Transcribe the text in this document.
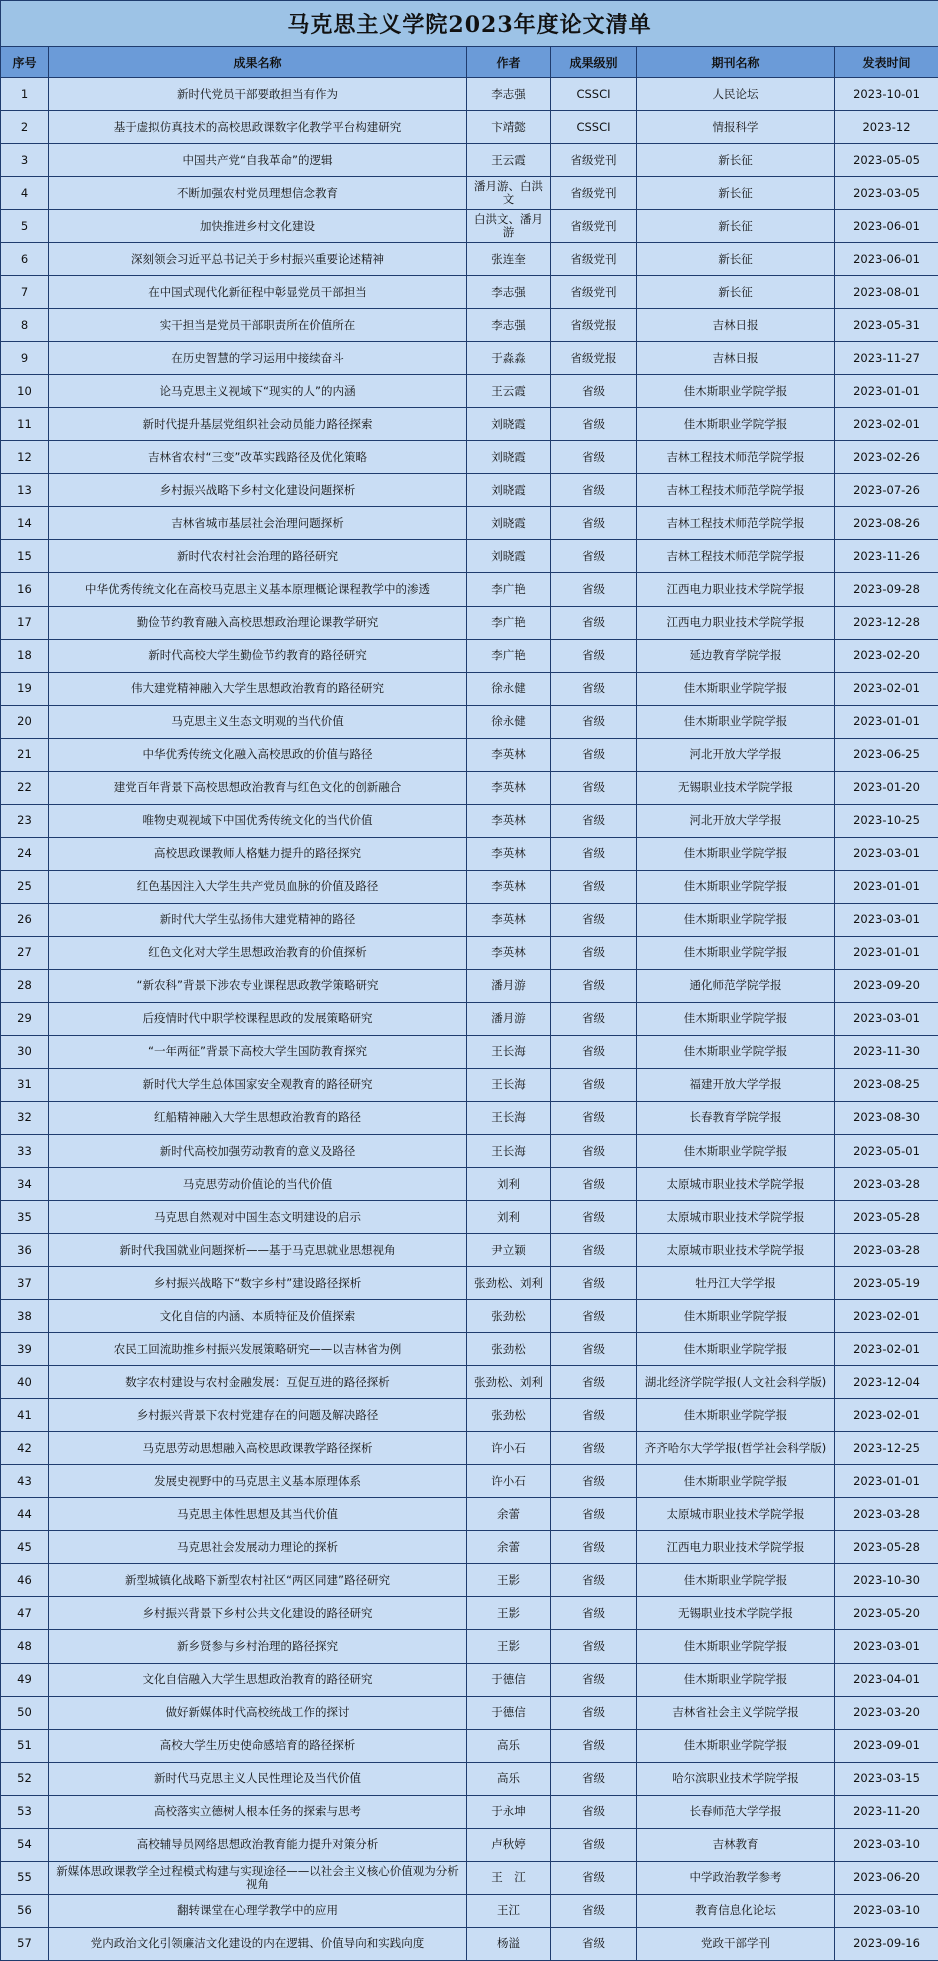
马克思主义学院2023年度论文清单					
序号	成果名称	作者	成果级别	期刊名称	发表时间
1	新时代党员干部要敢担当有作为	李志强	CSSCI	人民论坛	2023-10-01
2	基于虚拟仿真技术的高校思政课数字化教学平台构建研究	卞靖懿	CSSCI	情报科学	2023-12
3	中国共产党“自我革命”的逻辑	王云霞	省级党刊	新长征	2023-05-05
4	不断加强农村党员理想信念教育	潘月游、白洪文	省级党刊	新长征	2023-03-05
5	加快推进乡村文化建设	白洪文、潘月游	省级党刊	新长征	2023-06-01
6	深刻领会习近平总书记关于乡村振兴重要论述精神	张连奎	省级党刊	新长征	2023-06-01
7	在中国式现代化新征程中彰显党员干部担当	李志强	省级党刊	新长征	2023-08-01
8	实干担当是党员干部职责所在价值所在	李志强	省级党报	吉林日报	2023-05-31
9	在历史智慧的学习运用中接续奋斗	于淼淼	省级党报	吉林日报	2023-11-27
10	论马克思主义视域下“现实的人”的内涵	王云霞	省级	佳木斯职业学院学报	2023-01-01
11	新时代提升基层党组织社会动员能力路径探索	刘晓霞	省级	佳木斯职业学院学报	2023-02-01
12	吉林省农村“三变”改革实践路径及优化策略	刘晓霞	省级	吉林工程技术师范学院学报	2023-02-26
13	乡村振兴战略下乡村文化建设问题探析	刘晓霞	省级	吉林工程技术师范学院学报	2023-07-26
14	吉林省城市基层社会治理问题探析	刘晓霞	省级	吉林工程技术师范学院学报	2023-08-26
15	新时代农村社会治理的路径研究	刘晓霞	省级	吉林工程技术师范学院学报	2023-11-26
16	中华优秀传统文化在高校马克思主义基本原理概论课程教学中的渗透	李广艳	省级	江西电力职业技术学院学报	2023-09-28
17	勤俭节约教育融入高校思想政治理论课教学研究	李广艳	省级	江西电力职业技术学院学报	2023-12-28
18	新时代高校大学生勤俭节约教育的路径研究	李广艳	省级	延边教育学院学报	2023-02-20
19	伟大建党精神融入大学生思想政治教育的路径研究	徐永健	省级	佳木斯职业学院学报	2023-02-01
20	马克思主义生态文明观的当代价值	徐永健	省级	佳木斯职业学院学报	2023-01-01
21	中华优秀传统文化融入高校思政的价值与路径	李英林	省级	河北开放大学学报	2023-06-25
22	建党百年背景下高校思想政治教育与红色文化的创新融合	李英林	省级	无锡职业技术学院学报	2023-01-20
23	唯物史观视域下中国优秀传统文化的当代价值	李英林	省级	河北开放大学学报	2023-10-25
24	高校思政课教师人格魅力提升的路径探究	李英林	省级	佳木斯职业学院学报	2023-03-01
25	红色基因注入大学生共产党员血脉的价值及路径	李英林	省级	佳木斯职业学院学报	2023-01-01
26	新时代大学生弘扬伟大建党精神的路径	李英林	省级	佳木斯职业学院学报	2023-03-01
27	红色文化对大学生思想政治教育的价值探析	李英林	省级	佳木斯职业学院学报	2023-01-01
28	“新农科”背景下涉农专业课程思政教学策略研究	潘月游	省级	通化师范学院学报	2023-09-20
29	后疫情时代中职学校课程思政的发展策略研究	潘月游	省级	佳木斯职业学院学报	2023-03-01
30	“一年两征”背景下高校大学生国防教育探究	王长海	省级	佳木斯职业学院学报	2023-11-30
31	新时代大学生总体国家安全观教育的路径研究	王长海	省级	福建开放大学学报	2023-08-25
32	红船精神融入大学生思想政治教育的路径	王长海	省级	长春教育学院学报	2023-08-30
33	新时代高校加强劳动教育的意义及路径	王长海	省级	佳木斯职业学院学报	2023-05-01
34	马克思劳动价值论的当代价值	刘利	省级	太原城市职业技术学院学报	2023-03-28
35	马克思自然观对中国生态文明建设的启示	刘利	省级	太原城市职业技术学院学报	2023-05-28
36	新时代我国就业问题探析——基于马克思就业思想视角	尹立颖	省级	太原城市职业技术学院学报	2023-03-28
37	乡村振兴战略下“数字乡村”建设路径探析	张劲松、刘利	省级	牡丹江大学学报	2023-05-19
38	文化自信的内涵、本质特征及价值探索	张劲松	省级	佳木斯职业学院学报	2023-02-01
39	农民工回流助推乡村振兴发展策略研究——以吉林省为例	张劲松	省级	佳木斯职业学院学报	2023-02-01
40	数字农村建设与农村金融发展：互促互进的路径探析	张劲松、刘利	省级	湖北经济学院学报(人文社会科学版)	2023-12-04
41	乡村振兴背景下农村党建存在的问题及解决路径	张劲松	省级	佳木斯职业学院学报	2023-02-01
42	马克思劳动思想融入高校思政课教学路径探析	许小石	省级	齐齐哈尔大学学报(哲学社会科学版)	2023-12-25
43	发展史视野中的马克思主义基本原理体系	许小石	省级	佳木斯职业学院学报	2023-01-01
44	马克思主体性思想及其当代价值	余蕾	省级	太原城市职业技术学院学报	2023-03-28
45	马克思社会发展动力理论的探析	余蕾	省级	江西电力职业技术学院学报	2023-05-28
46	新型城镇化战略下新型农村社区“两区同建”路径研究	王影	省级	佳木斯职业学院学报	2023-10-30
47	乡村振兴背景下乡村公共文化建设的路径研究	王影	省级	无锡职业技术学院学报	2023-05-20
48	新乡贤参与乡村治理的路径探究	王影	省级	佳木斯职业学院学报	2023-03-01
49	文化自信融入大学生思想政治教育的路径研究	于德信	省级	佳木斯职业学院学报	2023-04-01
50	做好新媒体时代高校统战工作的探讨	于德信	省级	吉林省社会主义学院学报	2023-03-20
51	高校大学生历史使命感培育的路径探析	高乐	省级	佳木斯职业学院学报	2023-09-01
52	新时代马克思主义人民性理论及当代价值	高乐	省级	哈尔滨职业技术学院学报	2023-03-15
53	高校落实立德树人根本任务的探索与思考	于永坤	省级	长春师范大学学报	2023-11-20
54	高校辅导员网络思想政治教育能力提升对策分析	卢秋婷	省级	吉林教育	2023-03-10
55	新媒体思政课教学全过程模式构建与实现途径——以社会主义核心价值观为分析视角	王　江	省级	中学政治教学参考	2023-06-20
56	翻转课堂在心理学教学中的应用	王江	省级	教育信息化论坛	2023-03-10
57	党内政治文化引领廉洁文化建设的内在逻辑、价值导向和实践向度	杨溢	省级	党政干部学刊	2023-09-16
